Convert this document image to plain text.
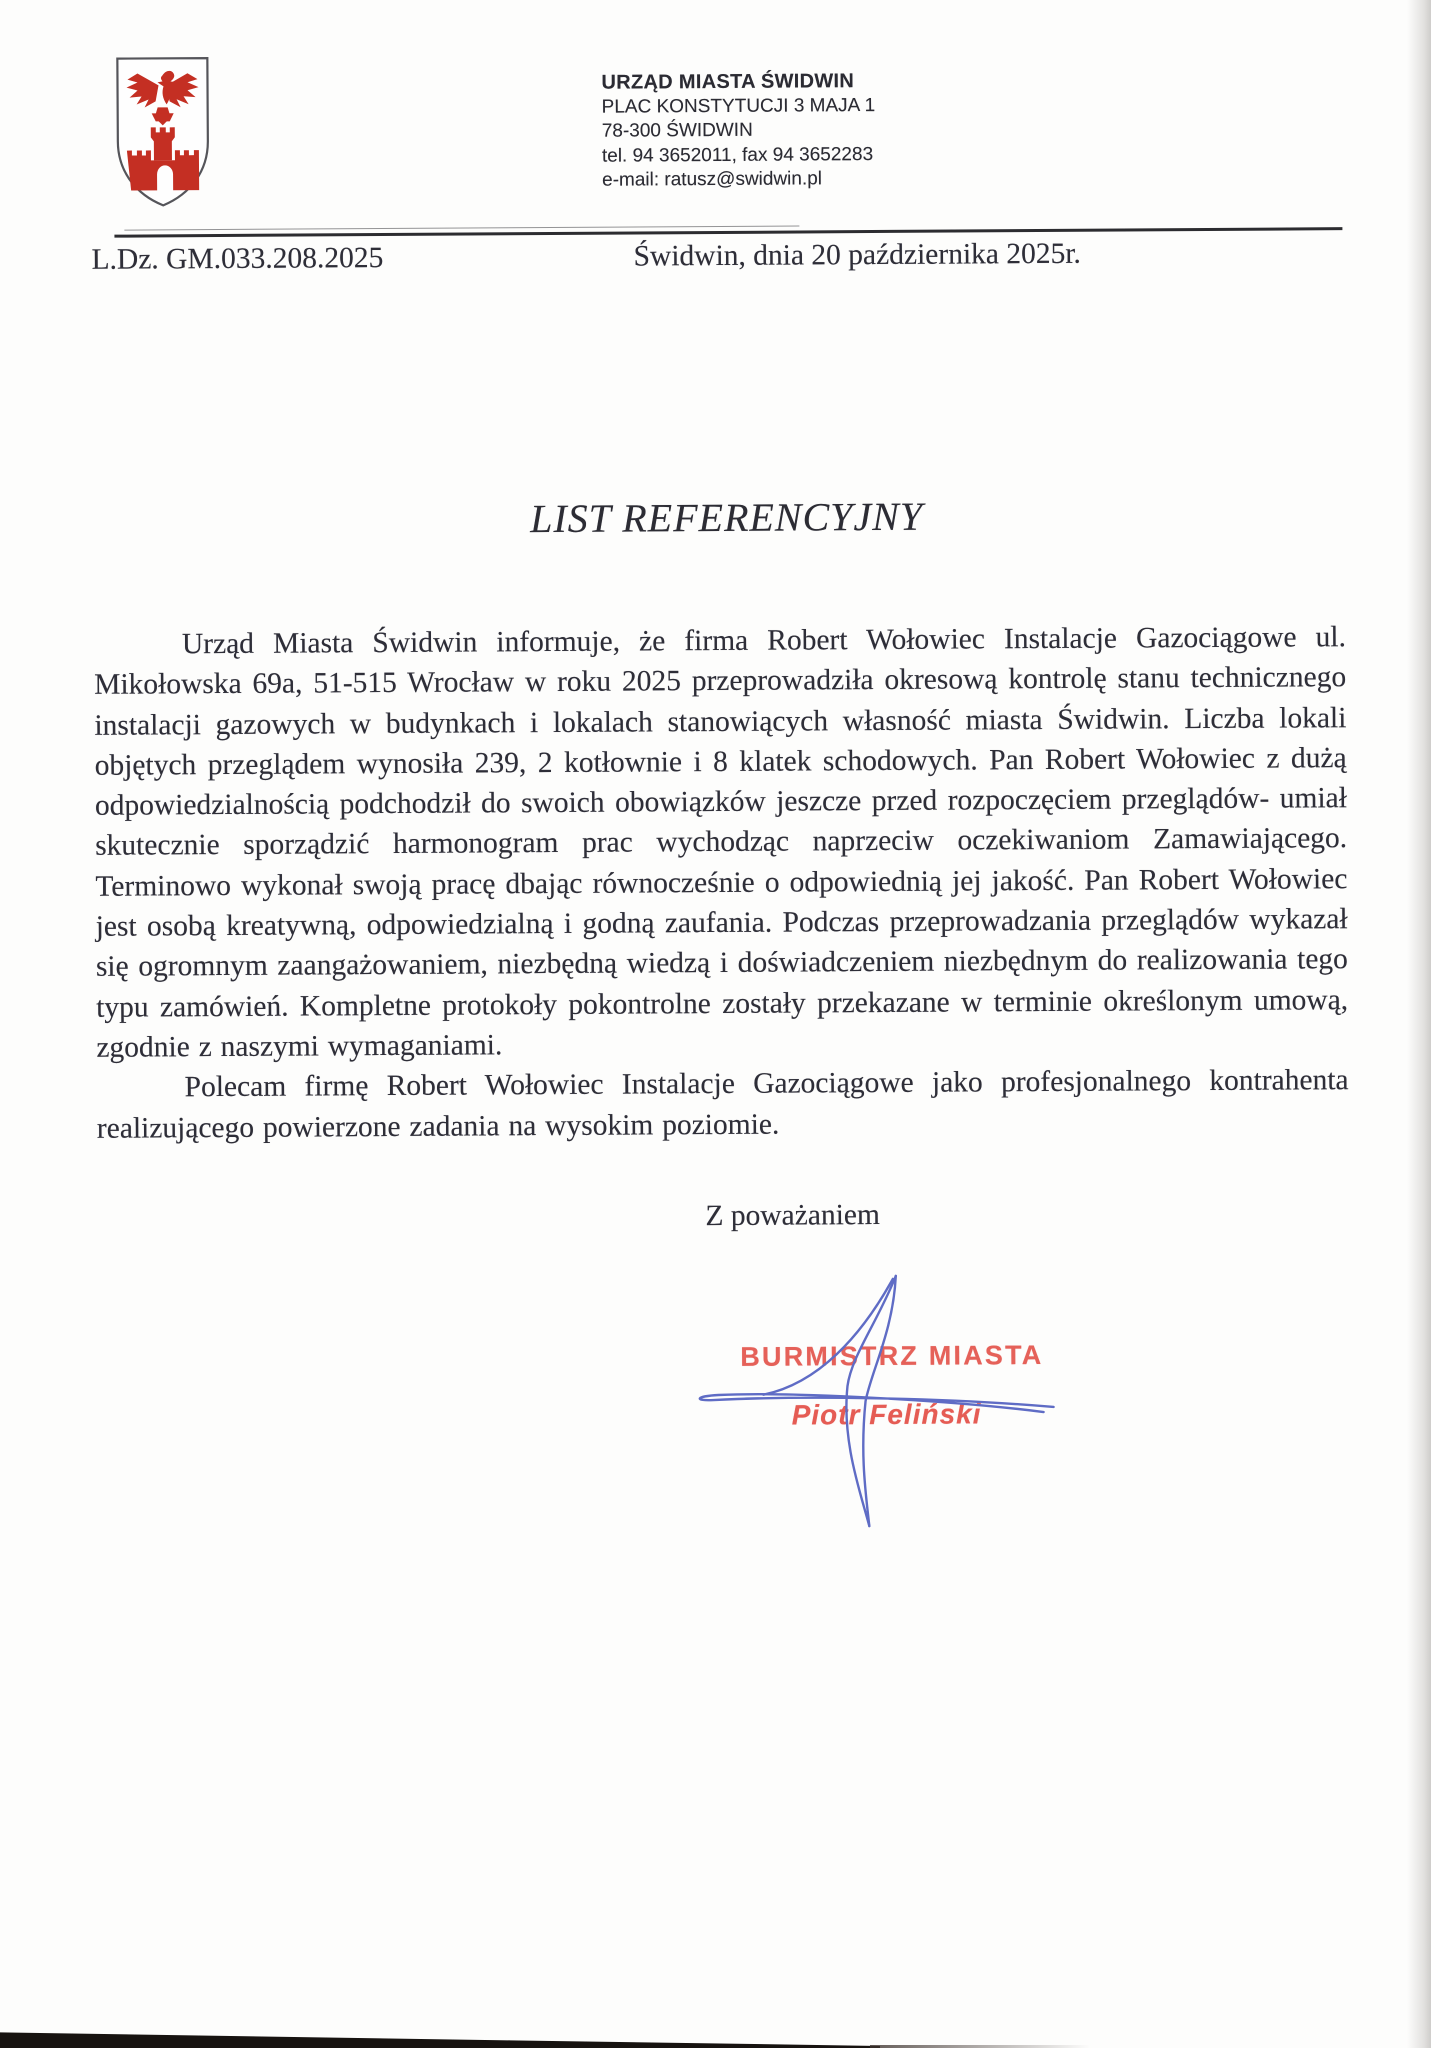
URZĄD MIASTA ŚWIDWIN
PLAC KONSTYTUCJI 3 MAJA 1
78-300 ŚWIDWIN
tel. 94 3652011, fax 94 3652283
e-mail: ratusz@swidwin.pl
L.Dz. GM.033.208.2025	Świdwin, dnia 20 października 2025r.
LIST REFERENCYJNY

Urząd Miasta Świdwin informuje, że firma Robert Wołowiec Instalacje Gazociągowe ul. Mikołowska 69a, 51-515 Wrocław w roku 2025 przeprowadziła okresową kontrolę stanu technicznego instalacji gazowych w budynkach i lokalach stanowiących własność miasta Świdwin. Liczba lokali objętych przeglądem wynosiła 239, 2 kotłownie i 8 klatek schodowych. Pan Robert Wołowiec z dużą odpowiedzialnością podchodził do swoich obowiązków jeszcze przed rozpoczęciem przeglądów- umiał skutecznie sporządzić harmonogram prac wychodząc naprzeciw oczekiwaniom Zamawiającego. Terminowo wykonał swoją pracę dbając równocześnie o odpowiednią jej jakość. Pan Robert Wołowiec jest osobą kreatywną, odpowiedzialną i godną zaufania. Podczas przeprowadzania przeglądów wykazał się ogromnym zaangażowaniem, niezbędną wiedzą i doświadczeniem niezbędnym do realizowania tego typu zamówień. Kompletne protokoły pokontrolne zostały przekazane w terminie określonym umową, zgodnie z naszymi wymaganiami.

Polecam firmę Robert Wołowiec Instalacje Gazociągowe jako profesjonalnego kontrahenta realizującego powierzone zadania na wysokim poziomie.

Z poważaniem
BURMISTRZ MIASTA
Piotr Feliński
